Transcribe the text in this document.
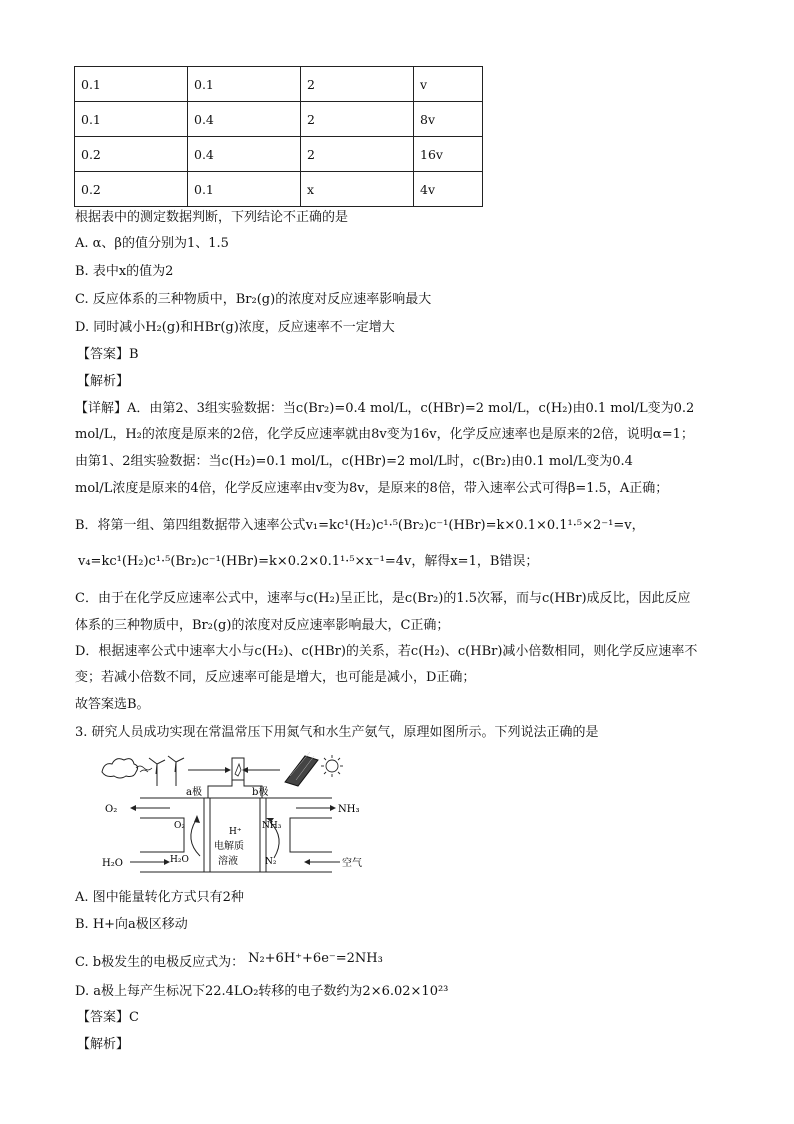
0.1	0.1	2	v
0.1	0.4	2	8v
0.2	0.4	2	16v
0.2	0.1	x	4v
根据表中的测定数据判断，下列结论不正确的是
A. α、β的值分别为1、1.5
B. 表中x的值为2
C. 反应体系的三种物质中，Br₂(g)的浓度对反应速率影响最大
D. 同时减小H₂(g)和HBr(g)浓度，反应速率不一定增大
【答案】B
【解析】
【详解】A．由第2、3组实验数据：当c(Br₂)=0.4 mol/L，c(HBr)=2 mol/L，c(H₂)由0.1 mol/L变为0.2
mol/L，H₂的浓度是原来的2倍，化学反应速率就由8v变为16v，化学反应速率也是原来的2倍，说明α=1；
由第1、2组实验数据：当c(H₂)=0.1 mol/L，c(HBr)=2 mol/L时，c(Br₂)由0.1 mol/L变为0.4
mol/L浓度是原来的4倍，化学反应速率由v变为8v，是原来的8倍，带入速率公式可得β=1.5，A正确；
B．将第一组、第四组数据带入速率公式v₁=kc¹(H₂)c¹·⁵(Br₂)c⁻¹(HBr)=k×0.1×0.1¹·⁵×2⁻¹=v，
v₄=kc¹(H₂)c¹·⁵(Br₂)c⁻¹(HBr)=k×0.2×0.1¹·⁵×x⁻¹=4v，解得x=1，B错误；
C．由于在化学反应速率公式中，速率与c(H₂)呈正比，是c(Br₂)的1.5次幂，而与c(HBr)成反比，因此反应
体系的三种物质中，Br₂(g)的浓度对反应速率影响最大，C正确；
D．根据速率公式中速率大小与c(H₂)、c(HBr)的关系，若c(H₂)、c(HBr)减小倍数相同，则化学反应速率不
变；若减小倍数不同，反应速率可能是增大，也可能是减小，D正确；
故答案选B。
3. 研究人员成功实现在常温常压下用氮气和水生产氨气，原理如图所示。下列说法正确的是
a极	b极
O₂
H₂O
NH₃
空气
O₂
H₂O
NH₃
N₂
H⁺
电解质
溶液
A. 图中能量转化方式只有2种
B. H+向a极区移动
C. b极发生的电极反应式为： N₂+6H⁺+6e⁻=2NH₃
D. a极上每产生标况下22.4LO₂转移的电子数约为2×6.02×10²³
【答案】C
【解析】
